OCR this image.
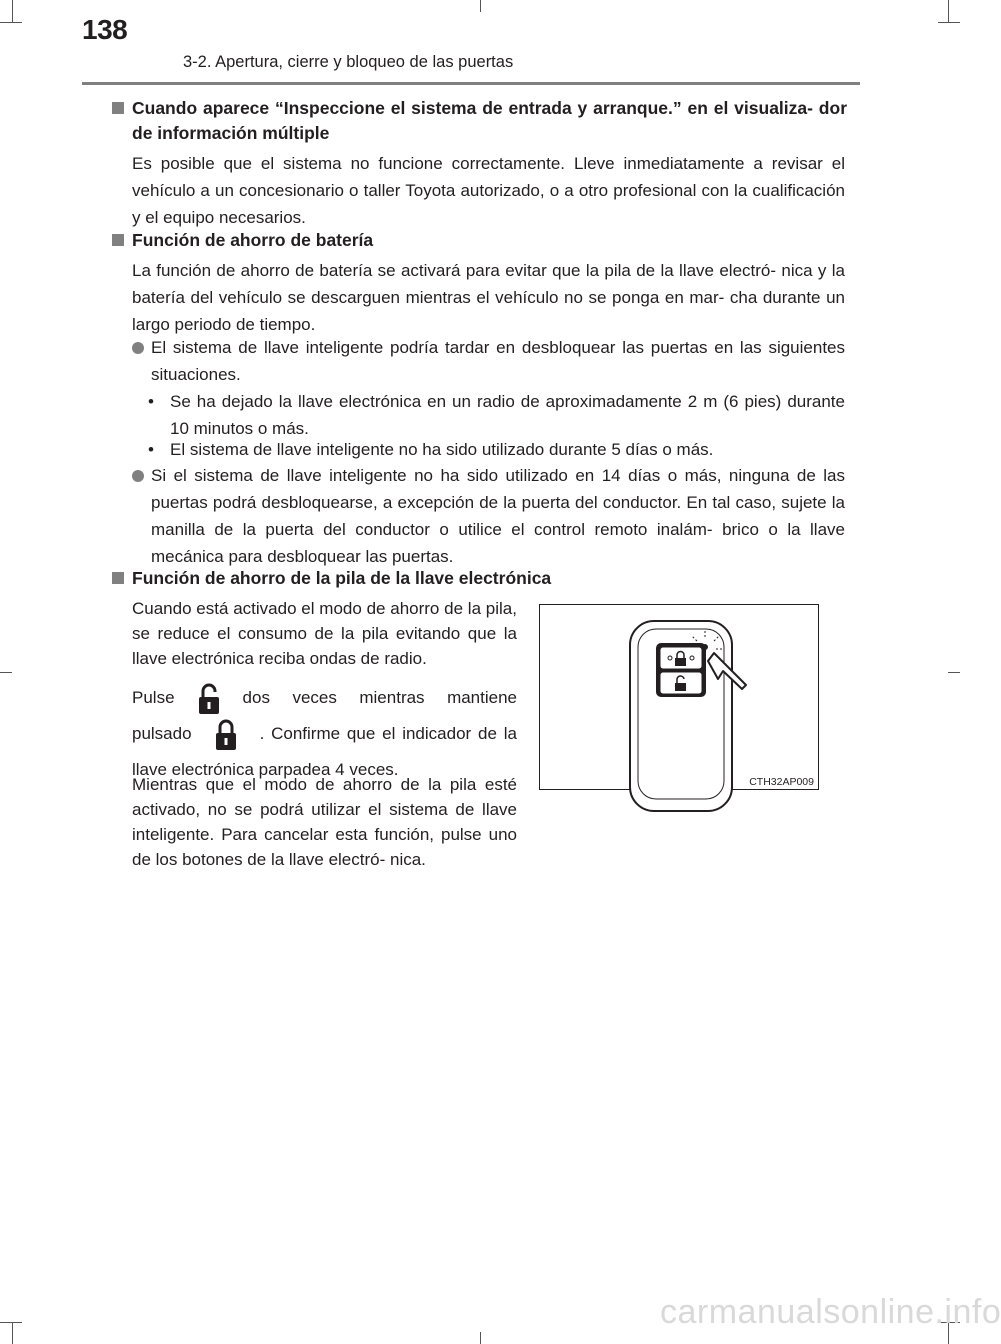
138
3-2. Apertura, cierre y bloqueo de las puertas
Cuando aparece “Inspeccione el sistema de entrada y arranque.” en el visualiza- dor de información múltiple
Es posible que el sistema no funcione correctamente. Lleve inmediatamente a revisar el vehículo a un concesionario o taller Toyota autorizado, o a otro profesional con la cualificación y el equipo necesarios.
Función de ahorro de batería
La función de ahorro de batería se activará para evitar que la pila de la llave electró- nica y la batería del vehículo se descarguen mientras el vehículo no se ponga en mar- cha durante un largo periodo de tiempo.
El sistema de llave inteligente podría tardar en desbloquear las puertas en las siguientes situaciones.
• Se ha dejado la llave electrónica en un radio de aproximadamente 2 m (6 pies) durante 10 minutos o más.
• El sistema de llave inteligente no ha sido utilizado durante 5 días o más.
Si el sistema de llave inteligente no ha sido utilizado en 14 días o más, ninguna de las puertas podrá desbloquearse, a excepción de la puerta del conductor. En tal caso, sujete la manilla de la puerta del conductor o utilice el control remoto inalám- brico o la llave mecánica para desbloquear las puertas.
Función de ahorro de la pila de la llave electrónica
Cuando está activado el modo de ahorro de la pila, se reduce el consumo de la pila evitando que la llave electrónica reciba ondas de radio.
Pulse	dos veces mientras mantiene pulsado	. Confirme que el indicador de la llave electrónica parpadea 4 veces.
Mientras que el modo de ahorro de la pila esté activado, no se podrá utilizar el sistema de llave inteligente. Para cancelar esta función, pulse uno de los botones de la llave electró- nica.
CTH32AP009
carmanualsonline.info
